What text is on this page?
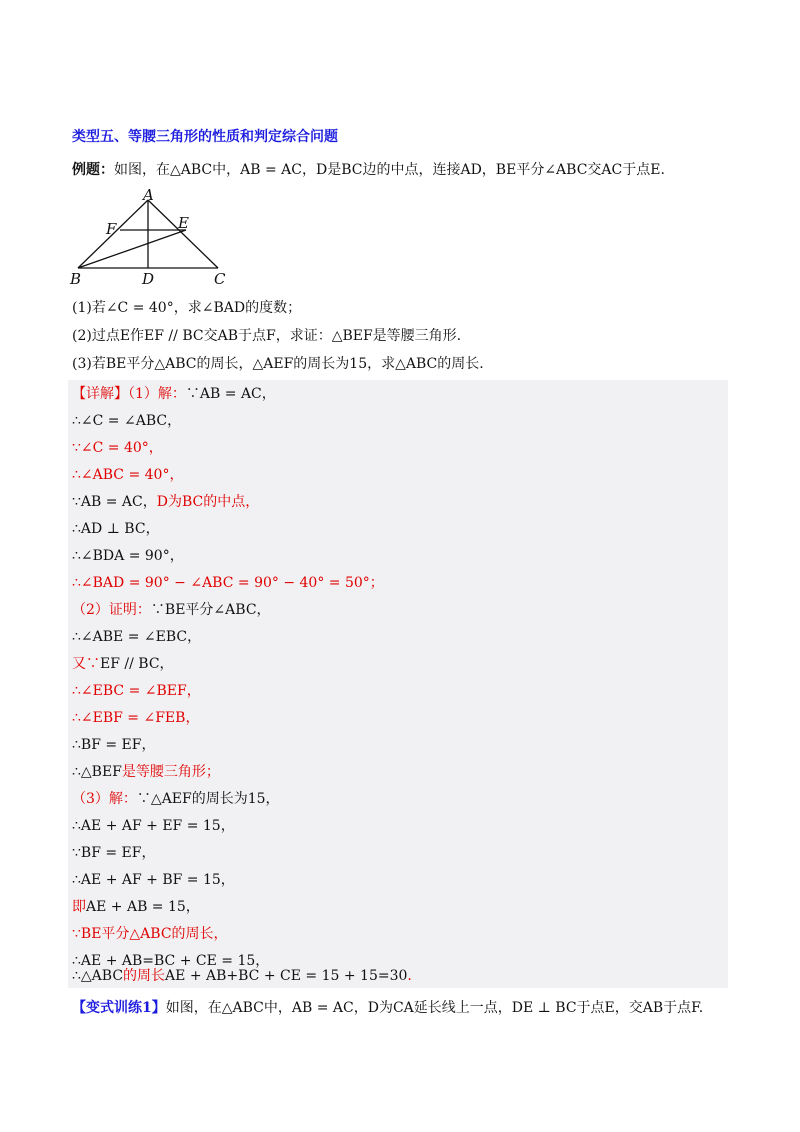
类型五、等腰三角形的性质和判定综合问题
例题：如图，在△ABC中，AB = AC，D是BC边的中点，连接AD，BE平分∠ABC交AC于点E.
A
B	C
D
E
F
(1)若∠C = 40°，求∠BAD的度数；
(2)过点E作EF // BC交AB于点F，求证：△BEF是等腰三角形.
(3)若BE平分△ABC的周长，△AEF的周长为15，求△ABC的周长.
【详解】（1）解：∵AB = AC，
∴∠C = ∠ABC，
∵∠C = 40°，
∴∠ABC = 40°，
∵AB = AC，D为BC的中点，
∴AD ⊥ BC，
∴∠BDA = 90°，
∴∠BAD = 90° − ∠ABC = 90° − 40° = 50°；
（2）证明：∵BE平分∠ABC，
∴∠ABE = ∠EBC，
又∵EF // BC，
∴∠EBC = ∠BEF，
∴∠EBF = ∠FEB，
∴BF = EF，
∴△BEF是等腰三角形；
（3）解：∵△AEF的周长为15，
∴AE + AF + EF = 15，
∵BF = EF，
∴AE + AF + BF = 15，
即AE + AB = 15，
∵BE平分△ABC的周长，
∴AE + AB=BC + CE = 15，
∴△ABC的周长AE + AB+BC + CE = 15 + 15=30.
【变式训练1】如图，在△ABC中，AB = AC，D为CA延长线上一点，DE ⊥ BC于点E，交AB于点F.
